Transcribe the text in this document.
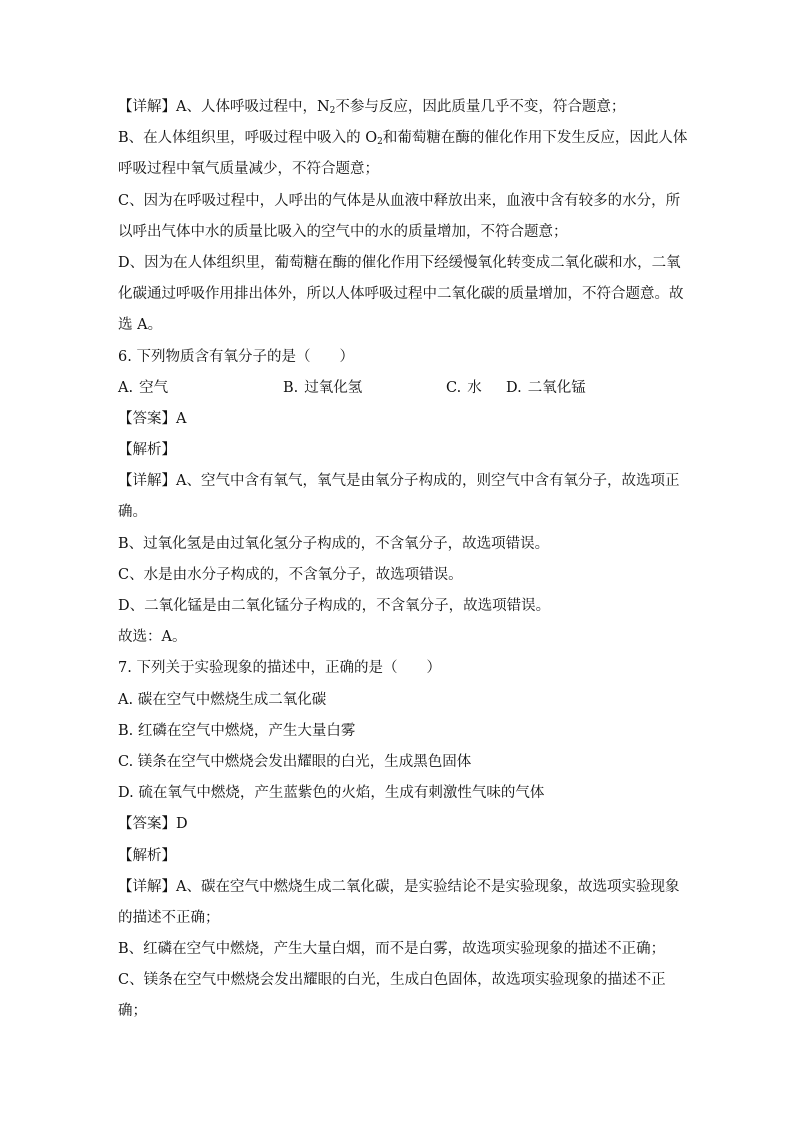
【详解】A、人体呼吸过程中，$N_2$不参与反应，因此质量几乎不变，符合题意；
B、在人体组织里，呼吸过程中吸入的 $O_2$和葡萄糖在酶的催化作用下发生反应，因此人体
呼吸过程中氧气质量减少，不符合题意；
C、因为在呼吸过程中，人呼出的气体是从血液中释放出来，血液中含有较多的水分，所
以呼出气体中水的质量比吸入的空气中的水的质量增加，不符合题意；
D、因为在人体组织里，葡萄糖在酶的催化作用下经缓慢氧化转变成二氧化碳和水，二氧
化碳通过呼吸作用排出体外，所以人体呼吸过程中二氧化碳的质量增加，不符合题意。故
选 A。
6. 下列物质含有氧分子的是（　　）
A. 空气	B. 过氧化氢	C. 水 D. 二氧化锰
【答案】A
【解析】
【详解】A、空气中含有氧气，氧气是由氧分子构成的，则空气中含有氧分子，故选项正
确。
B、过氧化氢是由过氧化氢分子构成的，不含氧分子，故选项错误。
C、水是由水分子构成的，不含氧分子，故选项错误。
D、二氧化锰是由二氧化锰分子构成的，不含氧分子，故选项错误。
故选：A。
7. 下列关于实验现象的描述中，正确的是（　　）
A. 碳在空气中燃烧生成二氧化碳
B. 红磷在空气中燃烧，产生大量白雾
C. 镁条在空气中燃烧会发出耀眼的白光，生成黑色固体
D. 硫在氧气中燃烧，产生蓝紫色的火焰，生成有刺激性气味的气体
【答案】D
【解析】
【详解】A、碳在空气中燃烧生成二氧化碳，是实验结论不是实验现象，故选项实验现象
的描述不正确；
B、红磷在空气中燃烧，产生大量白烟，而不是白雾，故选项实验现象的描述不正确；
C、镁条在空气中燃烧会发出耀眼的白光，生成白色固体，故选项实验现象的描述不正
确；
